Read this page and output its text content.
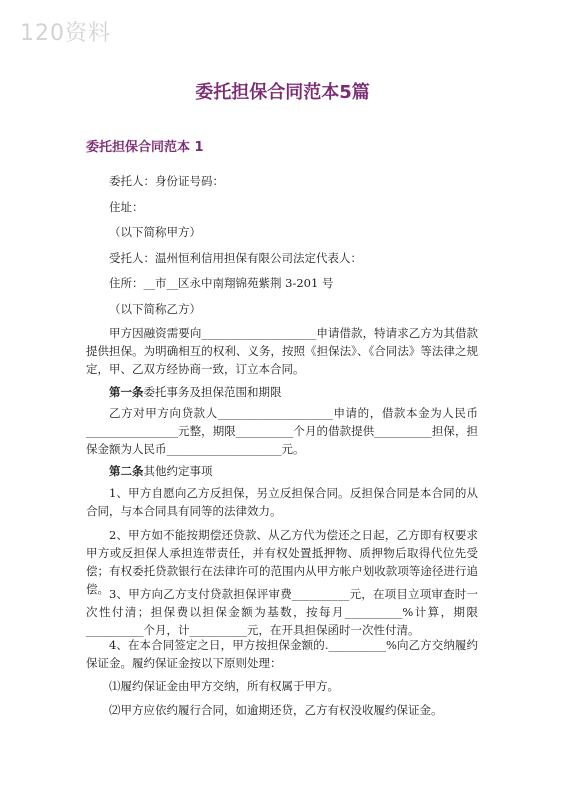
120资料
委托担保合同范本5篇
委托担保合同范本 1
委托人：身份证号码：
住址：
（以下简称甲方）
受托人：温州恒利信用担保有限公司法定代表人：
住所：__市__区永中南翔锦苑紫荆 3-201 号
（以下简称乙方）
甲方因融资需要向____________________申请借款，特请求乙方为其借款提供担保。为明确相互的权利、义务，按照《担保法》、《合同法》等法律之规定，甲、乙双方经协商一致，订立本合同。
第一条委托事务及担保范围和期限
乙方对甲方向贷款人____________________申请的，借款本金为人民币________________元整，期限__________个月的借款提供__________担保，担保金额为人民币____________________元。
第二条其他约定事项
1、甲方自愿向乙方反担保，另立反担保合同。反担保合同是本合同的从合同，与本合同具有同等的法律效力。
2、甲方如不能按期偿还贷款、从乙方代为偿还之日起，乙方即有权要求甲方或反担保人承担连带责任，并有权处置抵押物、质押物后取得代位先受偿；有权委托贷款银行在法律许可的范围内从甲方帐户划收款项等途径进行追偿。 3、甲方向乙方支付贷款担保评审费__________元，在项目立项审查时一次性付清；担保费以担保金额为基数，按每月__________%计算，期限__________个月，计__________元，在开具担保函时一次性付清。
4、在本合同签定之日，甲方按担保金额的.__________%向乙方交纳履约保证金。履约保证金按以下原则处理：
⑴履约保证金由甲方交纳，所有权属于甲方。
⑵甲方应依约履行合同，如逾期还贷，乙方有权没收履约保证金。
